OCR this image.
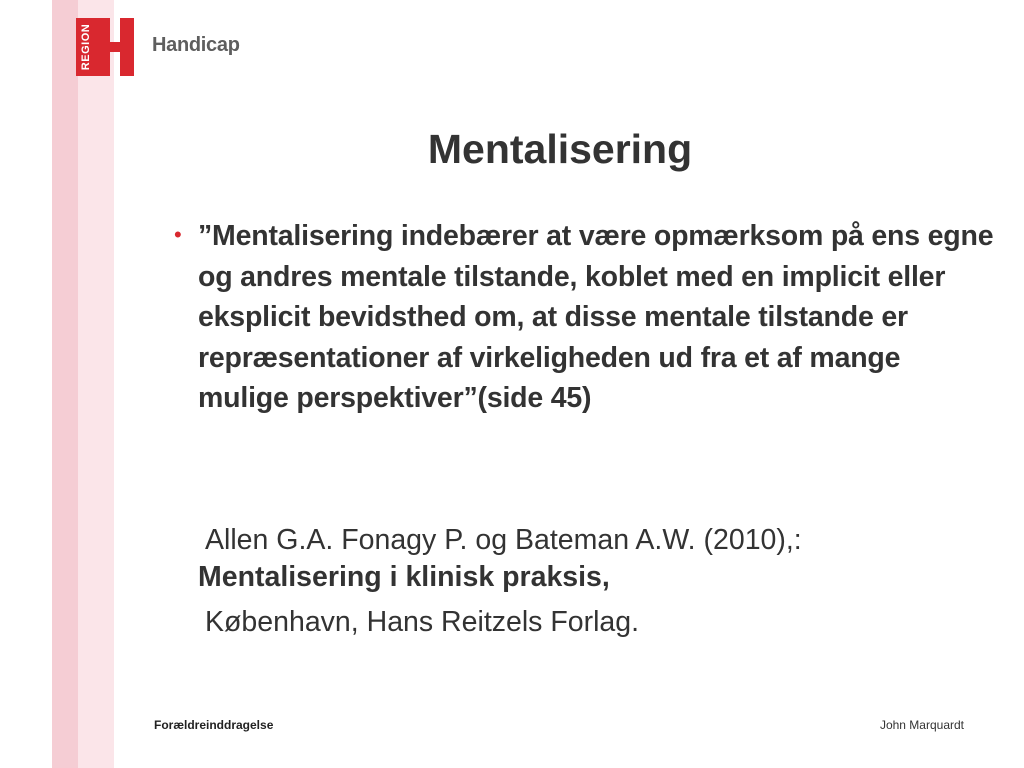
REGION	Handicap
Mentalisering
• ”Mentalisering indebærer at være opmærksom på ens egne og andres mentale tilstande, koblet med en implicit eller eksplicit bevidsthed om, at disse mentale tilstande er repræsentationer af virkeligheden ud fra et af mange mulige perspektiver”(side 45)
Allen G.A. Fonagy P. og Bateman A.W. (2010),:
Mentalisering i klinisk praksis,
København, Hans Reitzels Forlag.
Forældreinddragelse	John Marquardt
